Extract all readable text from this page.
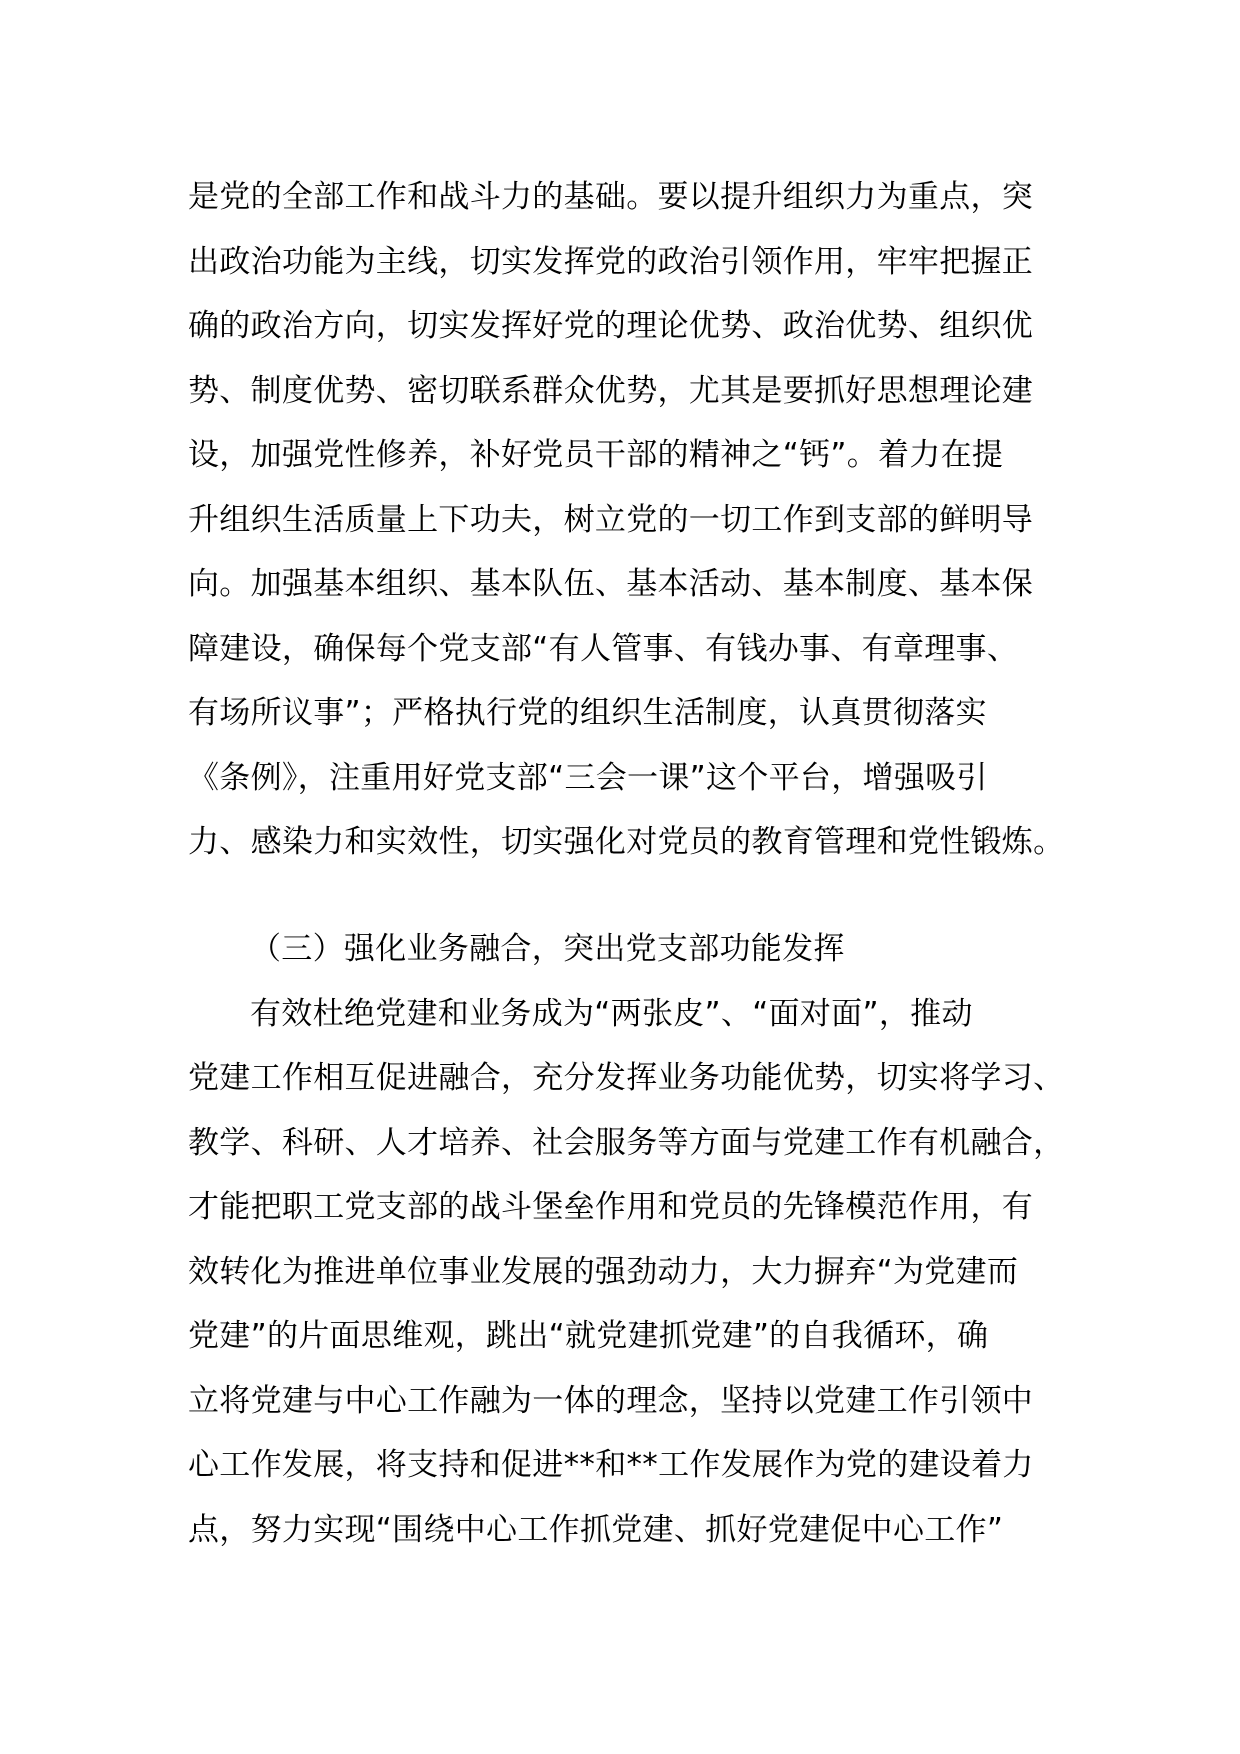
是党的全部工作和战斗力的基础。要以提升组织力为重点，突
出政治功能为主线，切实发挥党的政治引领作用，牢牢把握正
确的政治方向，切实发挥好党的理论优势、政治优势、组织优
势、制度优势、密切联系群众优势，尤其是要抓好思想理论建
设，加强党性修养，补好党员干部的精神之“钙”。着力在提
升组织生活质量上下功夫，树立党的一切工作到支部的鲜明导
向。加强基本组织、基本队伍、基本活动、基本制度、基本保
障建设，确保每个党支部“有人管事、有钱办事、有章理事、
有场所议事”；严格执行党的组织生活制度，认真贯彻落实
《条例》，注重用好党支部“三会一课”这个平台，增强吸引
力、感染力和实效性，切实强化对党员的教育管理和党性锻炼。
（三）强化业务融合，突出党支部功能发挥
有效杜绝党建和业务成为“两张皮”、“面对面”，推动
党建工作相互促进融合，充分发挥业务功能优势，切实将学习、
教学、科研、人才培养、社会服务等方面与党建工作有机融合，
才能把职工党支部的战斗堡垒作用和党员的先锋模范作用，有
效转化为推进单位事业发展的强劲动力，大力摒弃“为党建而
党建”的片面思维观，跳出“就党建抓党建”的自我循环，确
立将党建与中心工作融为一体的理念，坚持以党建工作引领中
心工作发展，将支持和促进**和**工作发展作为党的建设着力
点，努力实现“围绕中心工作抓党建、抓好党建促中心工作”
